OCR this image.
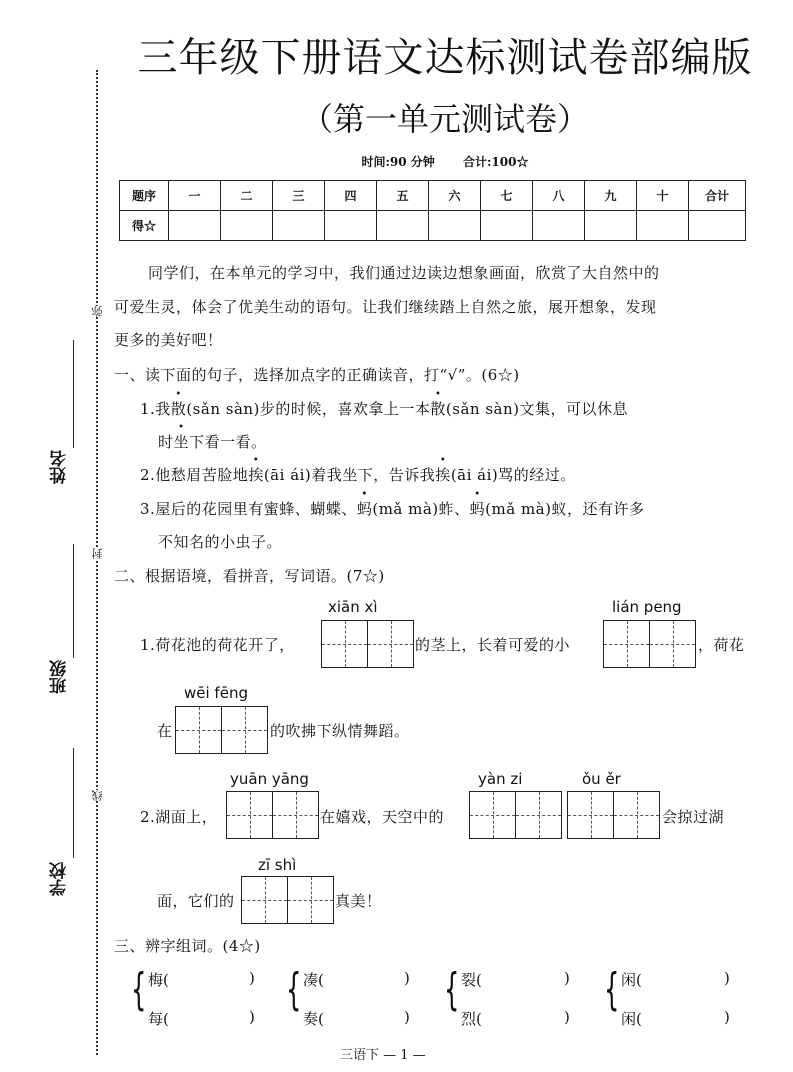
弥
封
线
姓名
班级
学校
三年级下册语文达标测试卷部编版
（第一单元测试卷）
时间:90 分钟 合计:100☆
题序	一	二	三	四	五	六	七	八	九	十	合计
得☆											
同学们，在本单元的学习中，我们通过边读边想象画面，欣赏了大自然中的
可爱生灵，体会了优美生动的语句。让我们继续踏上自然之旅，展开想象，发现
更多的美好吧！
一、读下面的句子，选择加点字的正确读音，打“√”。(6☆)
1.我散(sǎn sàn)步的时候，喜欢拿上一本散(sǎn sàn)文集，可以休息
时坐下看一看。
2.他愁眉苦脸地挨(āi ái)着我坐下，告诉我挨(āi ái)骂的经过。
3.屋后的花园里有蜜蜂、蝴蝶、蚂(mǎ mà)蚱、蚂(mǎ mà)蚁，还有许多
不知名的小虫子。
二、根据语境，看拼音，写词语。(7☆)
xiān xì	lián peng
1.荷花池的荷花开了，	的茎上，长着可爱的小	，荷花
wēi fēng
在	的吹拂下纵情舞蹈。
yuān yāng	yàn zi	ǒu ěr
2.湖面上，	在嬉戏，天空中的	会掠过湖
zī shì
面，它们的	真美！
三、辨字组词。(4☆)
{ 梅(	)
每(	)
{ 凑(	)
奏(	)
{ 裂(	)
烈(	)
{ 闲(	)
闲(	)
三语下 — 1 —
